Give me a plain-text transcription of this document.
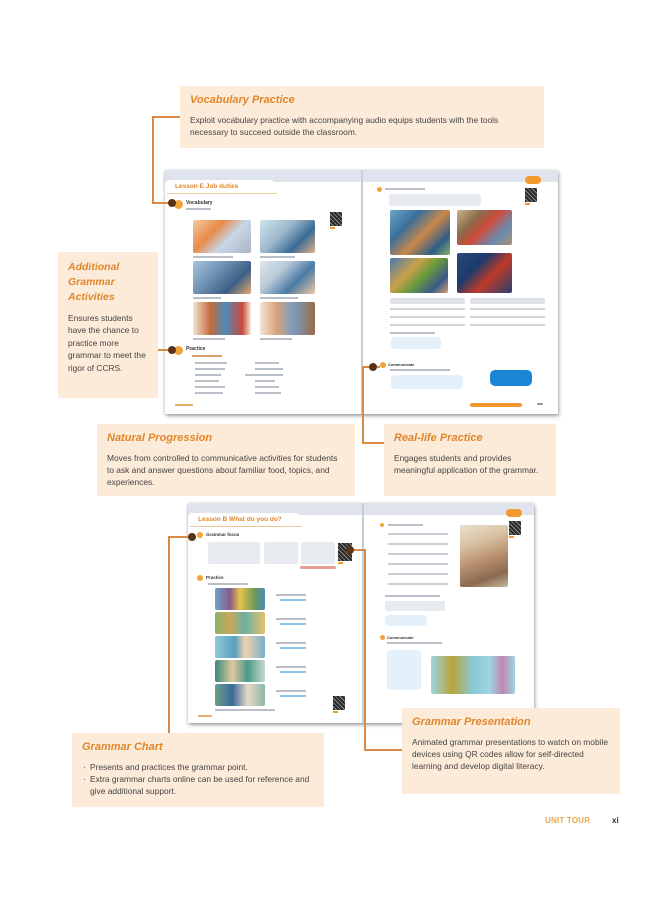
Vocabulary Practice
Exploit vocabulary practice with accompanying audio equips students with the tools necessary to succeed outside the classroom.
Additional Grammar Activities
Ensures students have the chance to practice more grammar to meet the rigor of CCRS.
Lesson E Job duties
Vocabulary
Practice
Communicate
Natural Progression
Moves from controlled to communicative activities for students to ask and answer questions about familiar food, topics, and experiences.
Real-life Practice
Engages students and provides meaningful application of the grammar.
Lesson B What do you do?
Grammar focus
Practice
Communicate
Grammar Presentation
Animated grammar presentations to watch on mobile devices using QR codes allow for self-directed learning and develop digital literacy.
Grammar Chart
· Presents and practices the grammar point.
· Extra grammar charts online can be used for reference and give additional support.
UNIT TOUR	xi
